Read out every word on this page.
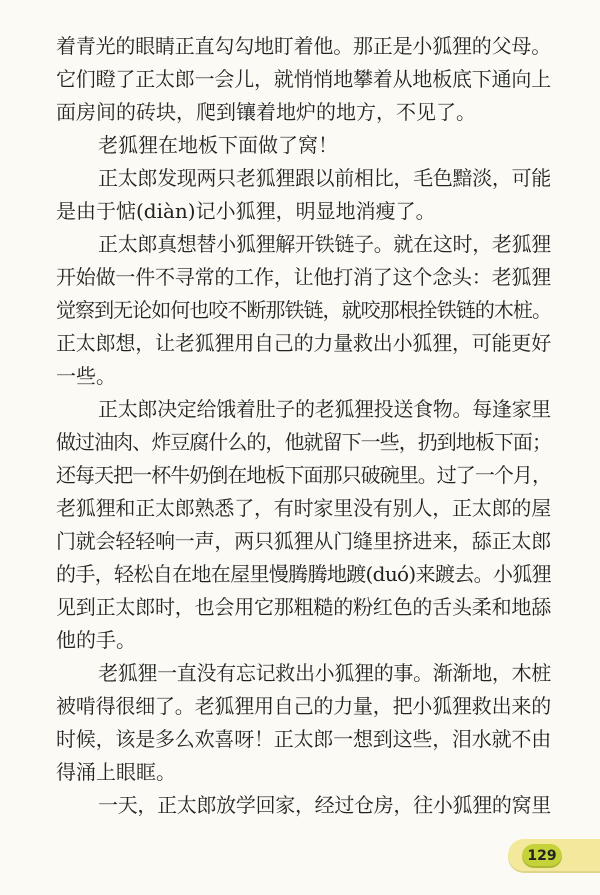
着青光的眼睛正直勾勾地盯着他。那正是小狐狸的父母。
它们瞪了正太郎一会儿，就悄悄地攀着从地板底下通向上
面房间的砖块，爬到镶着地炉的地方，不见了。
老狐狸在地板下面做了窝！
正太郎发现两只老狐狸跟以前相比，毛色黯淡，可能
是由于惦(diàn)记小狐狸，明显地消瘦了。
正太郎真想替小狐狸解开铁链子。就在这时，老狐狸
开始做一件不寻常的工作，让他打消了这个念头：老狐狸
觉察到无论如何也咬不断那铁链，就咬那根拴铁链的木桩。
正太郎想，让老狐狸用自己的力量救出小狐狸，可能更好
一些。
正太郎决定给饿着肚子的老狐狸投送食物。每逢家里
做过油肉、炸豆腐什么的，他就留下一些，扔到地板下面；
还每天把一杯牛奶倒在地板下面那只破碗里。过了一个月，
老狐狸和正太郎熟悉了，有时家里没有别人，正太郎的屋
门就会轻轻响一声，两只狐狸从门缝里挤进来，舔正太郎
的手，轻松自在地在屋里慢腾腾地踱(duó)来踱去。小狐狸
见到正太郎时，也会用它那粗糙的粉红色的舌头柔和地舔
他的手。
老狐狸一直没有忘记救出小狐狸的事。渐渐地，木桩
被啃得很细了。老狐狸用自己的力量，把小狐狸救出来的
时候，该是多么欢喜呀！正太郎一想到这些，泪水就不由
得涌上眼眶。
一天，正太郎放学回家，经过仓房，往小狐狸的窝里
129
